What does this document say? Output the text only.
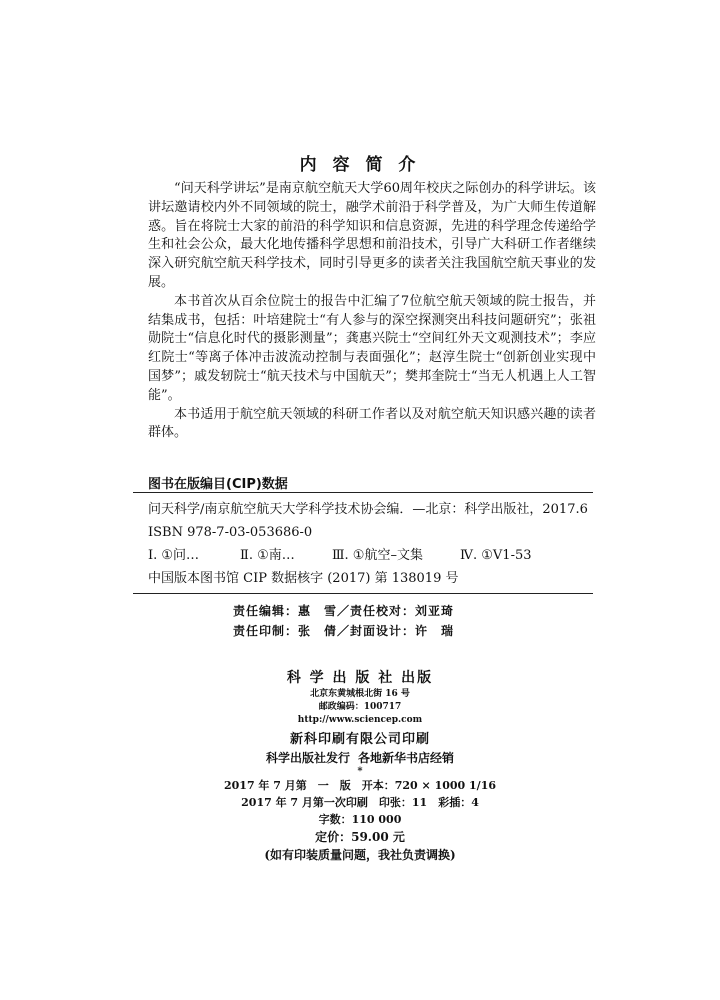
内 容 简 介

“问天科学讲坛”是南京航空航天大学60周年校庆之际创办的科学讲坛。该讲坛邀请校内外不同领域的院士，融学术前沿于科学普及，为广大师生传道解惑。旨在将院士大家的前沿的科学知识和信息资源，先进的科学理念传递给学生和社会公众，最大化地传播科学思想和前沿技术，引导广大科研工作者继续深入研究航空航天科学技术，同时引导更多的读者关注我国航空航天事业的发展。

本书首次从百余位院士的报告中汇编了7位航空航天领域的院士报告，并结集成书，包括：叶培建院士“有人参与的深空探测突出科技问题研究”；张祖勋院士“信息化时代的摄影测量”；龚惠兴院士“空间红外天文观测技术”；李应红院士“等离子体冲击波流动控制与表面强化”；赵淳生院士“创新创业实现中国梦”；戚发轫院士“航天技术与中国航天”；樊邦奎院士“当无人机遇上人工智能”。

本书适用于航空航天领域的科研工作者以及对航空航天知识感兴趣的读者群体。

图书在版编目(CIP)数据
问天科学/南京航空航天大学科学技术协会编．—北京：科学出版社，2017.6
ISBN 978-7-03-053686-0
Ⅰ. ①问…	Ⅱ. ①南…	Ⅲ. ①航空–文集	Ⅳ. ①V1-53
中国版本图书馆 CIP 数据核字 (2017) 第 138019 号
责任编辑：惠　雪／责任校对：刘亚琦
责任印制：张　倩／封面设计：许　瑞
科 学 出 版 社 出版
北京东黄城根北街 16 号
邮政编码：100717
http://www.sciencep.com
新科印刷有限公司印刷
科学出版社发行 各地新华书店经销
*
2017 年 7 月第　一　版　开本：720 × 1000 1/16
2017 年 7 月第一次印刷　印张：11　彩插：4
字数：110 000
定价：59.00 元
(如有印装质量问题，我社负责调换)
